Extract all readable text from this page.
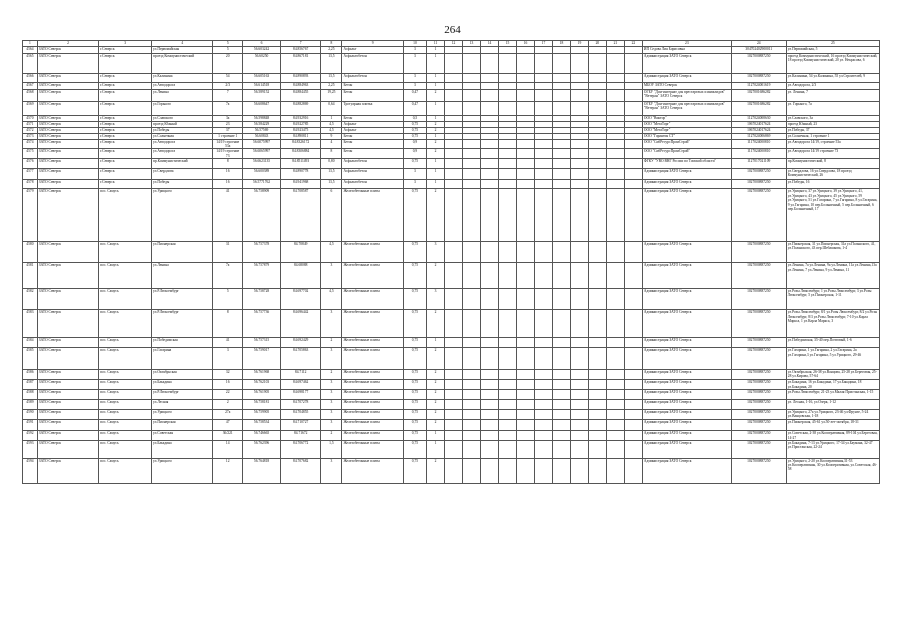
264
1	2	3	4	5	6	7	8	9	10	11	12	13	14	15	16	17	18	19	20	21	22	23	24	25
4564	ЗАТО Северск	г.Северск	ул.Первомайская	5	56.603242	84.856767	2,25	Асфальт	3	1												ИП Седова Лия Борисовна	304702402900011	ул.Первомайская, 5
4565	ЗАТО Северск	г.Северск	проезд Коммунистический	20	56.60250	84.867181	13,5	Асфальтобетон	3	1												Администрация ЗАТО Северск	1027000887250	проезд Коммунистический, 16 проезд Коммунистический, 18 проезд Коммунистический, 20 ул. Некрасова, 6
4566	ЗАТО Северск	г.Северск	ул.Калинина	54	56.605163	84.890893	13,5	Асфальтобетон	3	1												Администрация ЗАТО Северск	1027000887250	ул.Калинина, 54 ул.Калинина, 55 ул.Строителей, 9
4567	ЗАТО Северск	г.Северск	ул.Автодорога	2/3	56.614518	84.884963	2,25	Бетон	3	1												МБОУ ЗАТО Северск	1127024001619	ул.Автодорога, 2/3
4568	ЗАТО Северск	г.Северск	ул.Ленина	7	56.589152	84.884455	19,25	Бетон	0,47	2												ОГБУ "Дом-интернат для престарелых и инвалидов" "Ветеран" ЗАТО Северск	1027001686282	ул. Ленина, 7
4569	ЗАТО Северск	г.Северск	ул.Горького	7а	56.608647	84.882869	0,64	Тротуарная плитка	0,47	1												ОГБУ "Дом-интернат для престарелых и инвалидов" "Ветеран" ЗАТО Северск	1027001686282	ул. Горького, 7а
4570	ЗАТО Северск	г.Северск	ул.Славского	3а	56.598848	84.932916	1	Бетон	0,5	1												ООО "Виктор"	1127024008630	ул.Славского, 3а
4571	ЗАТО Северск	г.Северск	проезд Южный	23	56.584229	84.922785	4,5	Асфальт	0,75	2												ООО "МегаТорг"	1067024017624	проезд Южный, 23
4572	ЗАТО Северск	г.Северск	ул.Победы	37	56.57569	84.923475	4,5	Асфальт	0,75	2												ООО "МегаТорг"	1067024017624	ул.Победы, 37
4573	ЗАТО Северск	г.Северск	ул.Солнечная	1 строение 1	56.60843	84.890811	9	Бетон	0,75	1												ООО "Гарантия СТ"	1127024006869	ул.Солнечная, 1 строение 1
4574	ЗАТО Северск	г.Северск	ул.Автодорога	14/19 строение 53а	56.6075997	84.8326172	4	Бетон	0,9	2												ООО "СибРесурсПромСтрой"	1117024000810	ул.Автодорога 14/19, строение 53а
4575	ЗАТО Северск	г.Северск	ул.Автодорога	14/19 строение 73	56.6065997	84.8306884	8	Бетон	0,9	2												ООО "СибРесурсПромСтрой"	1117024000810	ул.Автодорога 14/19 строение 73
4576	ЗАТО Северск	г.Северск	пр.Коммунистический	8	56.6623135	84.8511493	0,80	Асфальтобетон	0,75	1												ФГКУ "УВО ВНГ России по Томской области"	1127017021109	пр.Коммунистический, 8
4577	ЗАТО Северск	г.Северск	ул.Свердлова	16	56.600389	84.890778	13,5	Асфальтобетон	3	1												Администрация ЗАТО Северск	1027000887250	ул.Свердлова, 16 ул.Свердлова, 18 проезд Коммунистический, 26
4578	ЗАТО Северск	г.Северск	ул.Победы	16	56.5771762	84.941968	13,5	Асфальтобетон	3	1												Администрация ЗАТО Северск	1027000887250	ул.Победы, 16
4579	ЗАТО Северск	пос. Самусь	ул.Урицкого	41	56.758909	84.708587	6	Железобетонные плиты	0,75	2												Администрация ЗАТО Северск	1027000887250	ул.Урицкого, 37 ул.Урицкого, 39 ул.Урицкого, 41, ул.Урицкого, 43 ул.Урицкого, 45 ул.Урицкого, 59 ул.Урицкого, 51 ул.Гагарина, 7 ул.Гагарина, 8 ул.Гагарина, 9 ул.Гагарина, 10 пер.Больничный, 5 пер.Больничный, 6 пер.Больничный, 17
4580	ЗАТО Северск	пос. Самусь	ул.Пионерская	31	56.757378	84.70849	4,5	Железобетонные плиты	0,75	3												Администрация ЗАТО Северск	1027000887250	ул.Пионерская, 31 ул.Пионерская, 31а ул.Полянского, 41, ул.Полянского, 43 пер.Шебашкова, 1-4
4581	ЗАТО Северск	пос. Самусь	ул.Ленина	7а	56.757879	84.68088	3	Железобетонные плиты	0,75	2												Администрация ЗАТО Северск	1027000887250	ул.Ленина, 7а ул.Ленина, 9а ул.Ленина, 11а ул.Ленина,13а ул.Ленина, 7 ул.Ленина, 9 ул.Ленина, 11
4582	ЗАТО Северск	пос. Самусь	ул.Р.Люксембург	5	56.758728	84.697702	4,5	Железобетонные плиты	0,75	3												Администрация ЗАТО Северск	1027000887250	ул.Розы Люксембург, 1 ул.Розы Люксембург, 3 ул.Розы Люксембург, 5 ул.Пионерская, 1-11
4583	ЗАТО Северск	пос. Самусь	ул.Р.Люксембург	8	56.757736	84.696442	3	Железобетонные плиты	0,75	2												Администрация ЗАТО Северск	1027000887250	ул.Розы Люксембург, 8/1 ул.Розы Люксембург, 8/2 ул.Розы Люксембург, 8/3 ул.Розы Люксембург, 7-10 ул.Карла Маркса, 1 ул.Карла Маркса, 3
4584	ЗАТО Северск	пос. Самусь	ул.Победимская	41	56.757315	84.692429	2	Железобетонные плиты	0,75	1												Администрация ЗАТО Северск	1027000887250	ул.Победимская, 35-40 пер.Почтовый, 1-6
4585	ЗАТО Северск	пос. Самусь	ул.Гагарина	3	56.759017	84.705863	3	Железобетонные плиты	0,75	2												Администрация ЗАТО Северск	1027000887250	ул.Гагарина, 1 ул.Гагарина, 2 ул.Гагарина, 2а ул.Гагарина,3 ул.Гагарина, 5 ул.Урицкого, 29-46
4586	ЗАТО Северск	пос. Самусь	ул.Октябрьская	32	56.761968	84.7112	2	Железобетонные плиты	0,75	2												Администрация ЗАТО Северск	1027000887250	ул.Октябрьская, 26-38 ул.Ванцова, 25-28 ул.Береговая, 25-28 ул.Кирова, 57-64
4587	ЗАТО Северск	пос. Самусь	ул.Бакадина	16	56.762103	84.697462	3	Железобетонные плиты	0,75	2												Администрация ЗАТО Северск	1027000887250	ул.Бакадина, 16 ул.Бакадина, 17 ул.Бакадина, 18 ул.Бакадина, 20
4588	ЗАТО Северск	пос. Самусь	ул.Р.Люксембург	22	56.761905	84.698177	3	Железобетонные плиты	0,75	2												Администрация ЗАТО Северск	1027000887250	ул.Розы Люксембург, 21-23 ул.Малая Пристанская, 1-15
4589	ЗАТО Северск	пос. Самусь	ул.Лесная	2	56.758181	84.707278	3	Железобетонные плиты	0,75	2												Администрация ЗАТО Северск	1027000887250	ул. Лесная, 1-16, ул.Озерк, 1-12
4590	ЗАТО Северск	пос. Самусь	ул.Урицкого	27а	56.759905	84.704855	3	Железобетонные плиты	0,75	2												Администрация ЗАТО Северск	1027000887250	ул.Урицкого, 27а ул.Урицкого, 23-46 ул.Фрунзе, 5-24 ул.Ванцовская, 1-18
4591	ЗАТО Северск	пос. Самусь	ул.Пионерская	47	56.758534	84.710727	3	Железобетонные плиты	0,75	2												Администрация ЗАТО Северск	1027000887250	ул.Пионерская, 45-61 ул.50-лет-октября, 18-31
4592	ЗАТО Северск	пос. Самусь	ул.Советская	36/221	56.746665	84.71672	2	Железобетонные плиты	0,75	1												Администрация ЗАТО Северск	1027000887250	ул.Советская, 2-38 ул.Кооперативная, 89-104 ул.Береговая, 14-27
4593	ЗАТО Северск	пос. Самусь	ул.Бакадина	14	56.762396	84.706772	1,5	Железобетонные плиты	0,75	1												Администрация ЗАТО Северск	1027000887250	ул.Бакадина, 7-13 ул.Урицкого, 17-34 ул.Баумана, 32-47 ул.Пристанская, 22-24
4594	ЗАТО Северск	пос. Самусь	ул.Урицкого	12	56.764818	84.707682	3	Железобетонные плиты	0,75	2												Администрация ЗАТО Северск	1027000887250	ул.Урицкого, 2-20 ул.Кооперативная,31-53 ул.Кооперативная, 30 ул.Кооперативная, ул.Советская, 46-58
